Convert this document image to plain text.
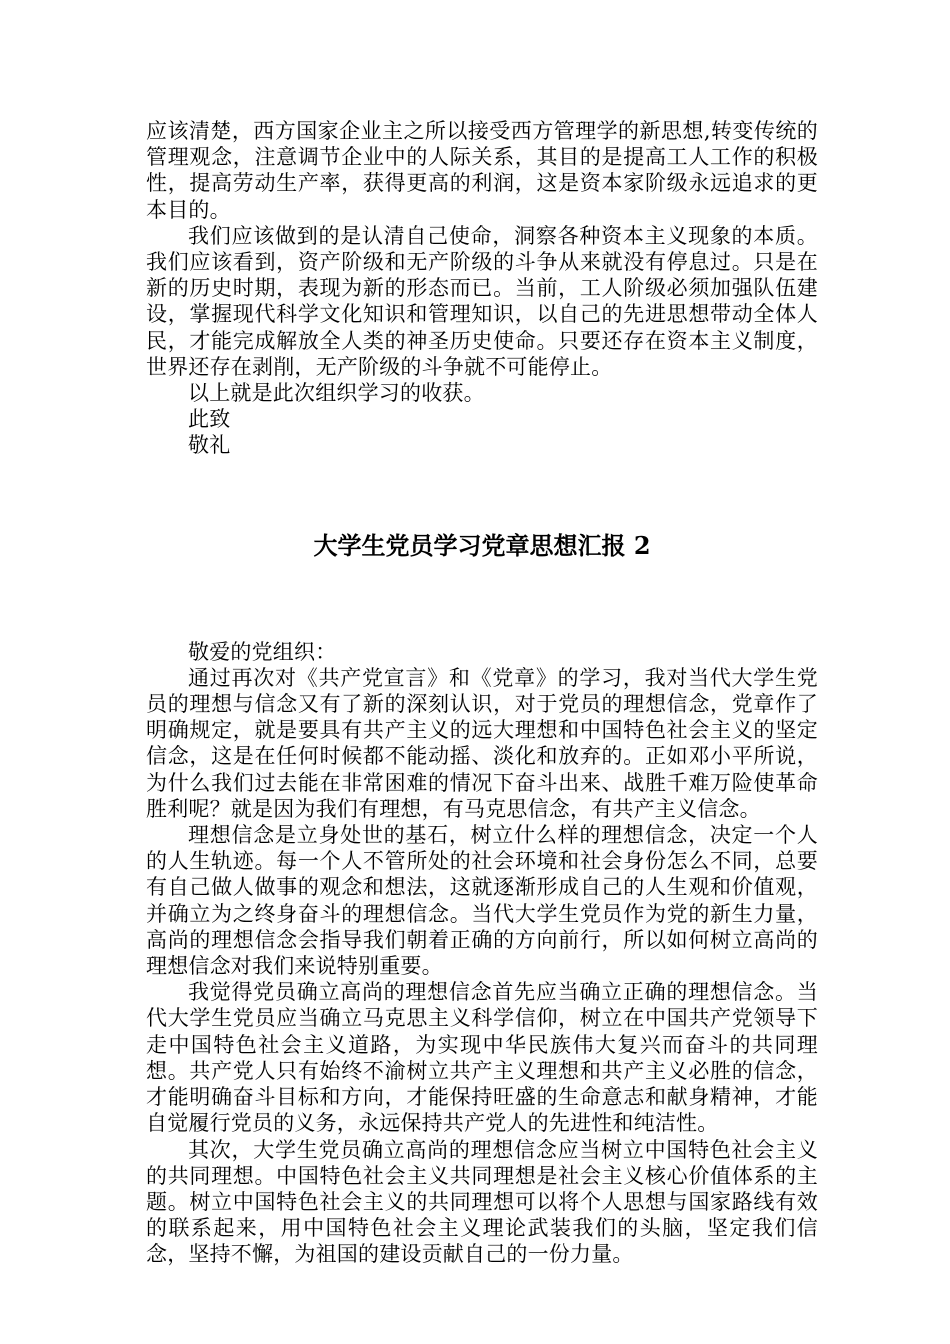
应该清楚，西方国家企业主之所以接受西方管理学的新思想,转变传统的管理观念，注意调节企业中的人际关系，其目的是提高工人工作的积极性，提高劳动生产率，获得更高的利润，这是资本家阶级永远追求的更本目的。

我们应该做到的是认清自己使命，洞察各种资本主义现象的本质。我们应该看到，资产阶级和无产阶级的斗争从来就没有停息过。只是在新的历史时期，表现为新的形态而已。当前，工人阶级必须加强队伍建设，掌握现代科学文化知识和管理知识，以自己的先进思想带动全体人民，才能完成解放全人类的神圣历史使命。只要还存在资本主义制度，世界还存在剥削，无产阶级的斗争就不可能停止。

以上就是此次组织学习的收获。

此致

敬礼

大学生党员学习党章思想汇报 2

敬爱的党组织：

通过再次对《共产党宣言》和《党章》的学习，我对当代大学生党员的理想与信念又有了新的深刻认识，对于党员的理想信念，党章作了明确规定，就是要具有共产主义的远大理想和中国特色社会主义的坚定信念，这是在任何时候都不能动摇、淡化和放弃的。正如邓小平所说，为什么我们过去能在非常困难的情况下奋斗出来、战胜千难万险使革命胜利呢？就是因为我们有理想，有马克思信念，有共产主义信念。

理想信念是立身处世的基石，树立什么样的理想信念，决定一个人的人生轨迹。每一个人不管所处的社会环境和社会身份怎么不同，总要有自己做人做事的观念和想法，这就逐渐形成自己的人生观和价值观，并确立为之终身奋斗的理想信念。当代大学生党员作为党的新生力量，高尚的理想信念会指导我们朝着正确的方向前行，所以如何树立高尚的理想信念对我们来说特别重要。

我觉得党员确立高尚的理想信念首先应当确立正确的理想信念。当代大学生党员应当确立马克思主义科学信仰，树立在中国共产党领导下走中国特色社会主义道路，为实现中华民族伟大复兴而奋斗的共同理想。共产党人只有始终不渝树立共产主义理想和共产主义必胜的信念，才能明确奋斗目标和方向，才能保持旺盛的生命意志和献身精神，才能自觉履行党员的义务，永远保持共产党人的先进性和纯洁性。

其次，大学生党员确立高尚的理想信念应当树立中国特色社会主义的共同理想。中国特色社会主义共同理想是社会主义核心价值体系的主题。树立中国特色社会主义的共同理想可以将个人思想与国家路线有效的联系起来，用中国特色社会主义理论武装我们的头脑，坚定我们信念，坚持不懈，为祖国的建设贡献自己的一份力量。
